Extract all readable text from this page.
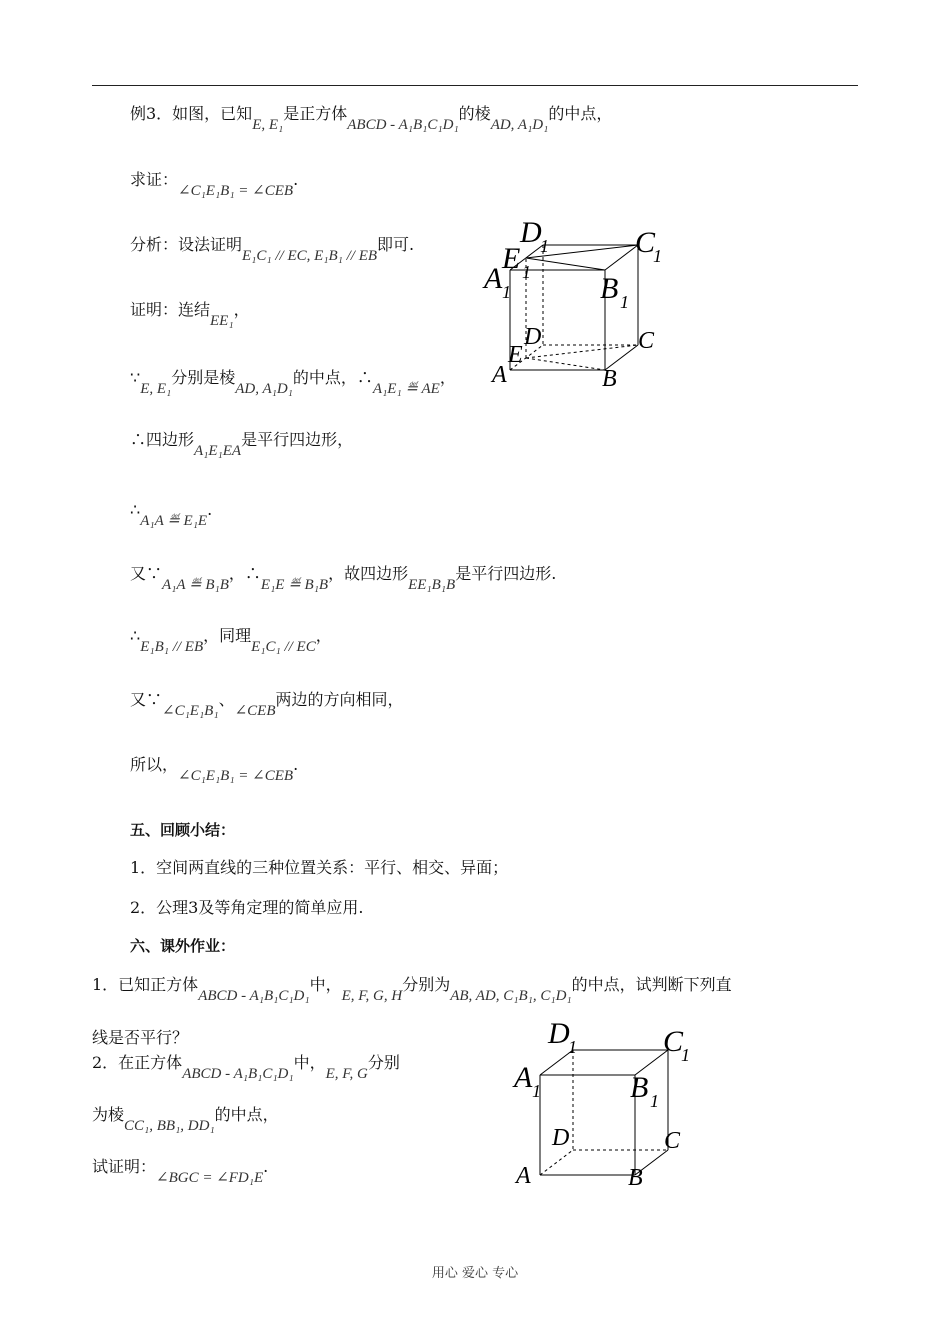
例3．如图，已知E, E₁是正方体ABCD - A₁B₁C₁D₁的棱AD, A₁D₁的中点，
求证：∠C₁E₁B₁ = ∠CEB.
分析：设法证明E₁C₁ // EC, E₁B₁ // EB即可.
证明：连结EE₁，
∵E, E₁分别是棱AD, A₁D₁的中点，∴A₁E₁ ≝ AE，
∴四边形A₁E₁EA是平行四边形，
∴A₁A ≝ E₁E.
又∵A₁A ≝ B₁B，∴E₁E ≝ B₁B，故四边形EE₁B₁B是平行四边形.
∴E₁B₁ // EB，同理E₁C₁ // EC，
又∵∠C₁E₁B₁、∠CEB两边的方向相同，
所以，∠C₁E₁B₁ = ∠CEB.
五、回顾小结：
1．空间两直线的三种位置关系：平行、相交、异面；
2．公理3及等角定理的简单应用.
六、课外作业：
1．已知正方体ABCD - A₁B₁C₁D₁中，E, F, G, H分别为AB, AD, C₁B₁, C₁D₁的中点，试判断下列直
线是否平行？
2．在正方体ABCD - A₁B₁C₁D₁中，E, F, G分别
为棱CC₁, BB₁, DD₁的中点，
试证明：∠BGC = ∠FD₁E.
D
1
E 1
A 1
C
1
B 1
D
E
A
C
B
D
1
A 1
C
1
B 1
D
A
C
B
用心 爱心 专心
